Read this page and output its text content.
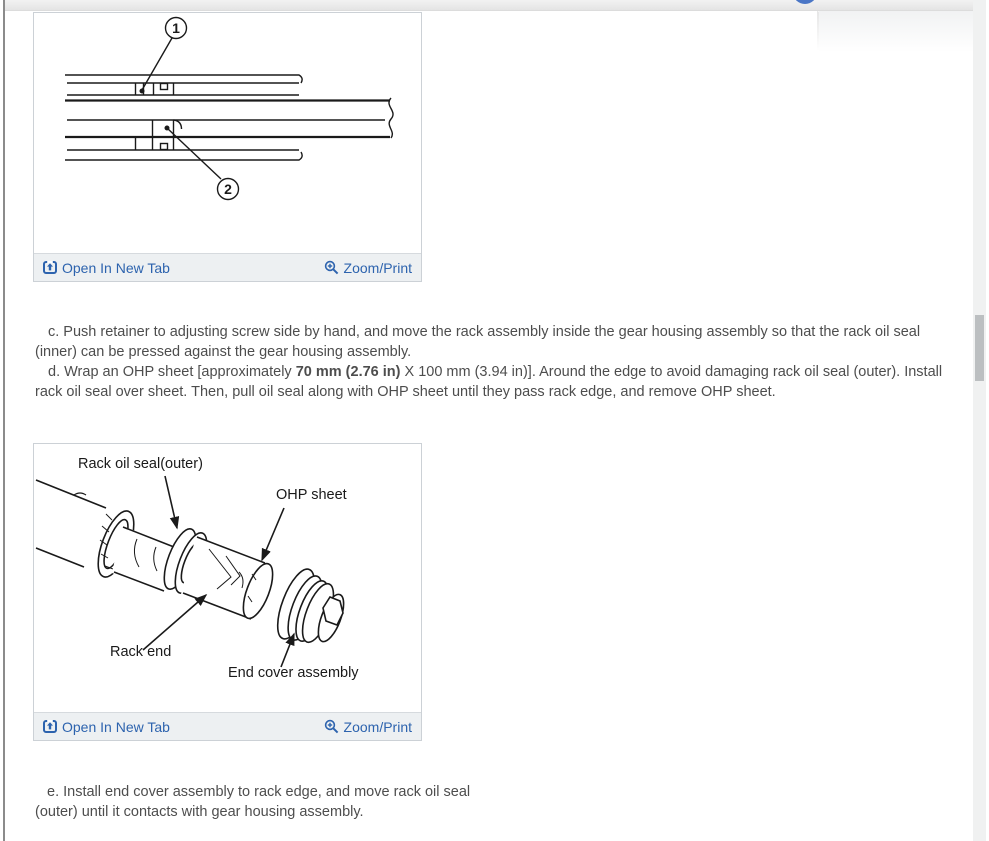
1
2
Open In New Tab	Zoom/Print

c. Push retainer to adjusting screw side by hand, and move the rack assembly inside the gear housing assembly so that the rack oil seal (inner) can be pressed against the gear housing assembly.

d. Wrap an OHP sheet [approximately 70 mm (2.76 in) X 100 mm (3.94 in)]. Around the edge to avoid damaging rack oil seal (outer). Install rack oil seal over sheet. Then, pull oil seal along with OHP sheet until they pass rack edge, and remove OHP sheet.

Rack oil seal(outer)
OHP sheet
Rack end
End cover assembly
Open In New Tab	Zoom/Print

e. Install end cover assembly to rack edge, and move rack oil seal (outer) until it contacts with gear housing assembly.
